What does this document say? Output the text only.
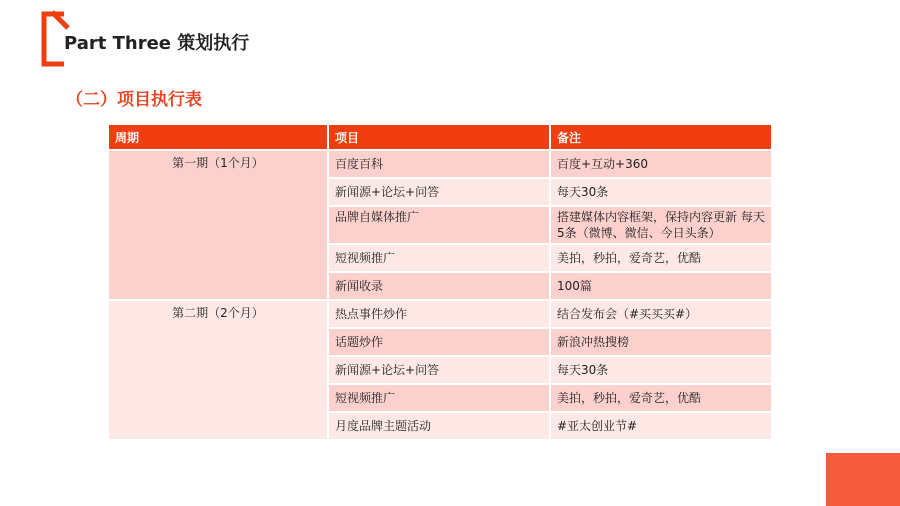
Part Three 策划执行
（二）项目执行表
周期	项目	备注
第一期（1个月）	百度百科	百度+互动+360
	新闻源+论坛+问答	每天30条
	品牌自媒体推广	搭建媒体内容框架，保持内容更新 每天5条（微博、微信、今日头条）
	短视频推广	美拍，秒拍，爱奇艺，优酷
	新闻收录	100篇
第二期（2个月）	热点事件炒作	结合发布会（#买买买#）
	话题炒作	新浪冲热搜榜
	新闻源+论坛+问答	每天30条
	短视频推广	美拍，秒拍，爱奇艺，优酷
	月度品牌主题活动	#亚太创业节#
